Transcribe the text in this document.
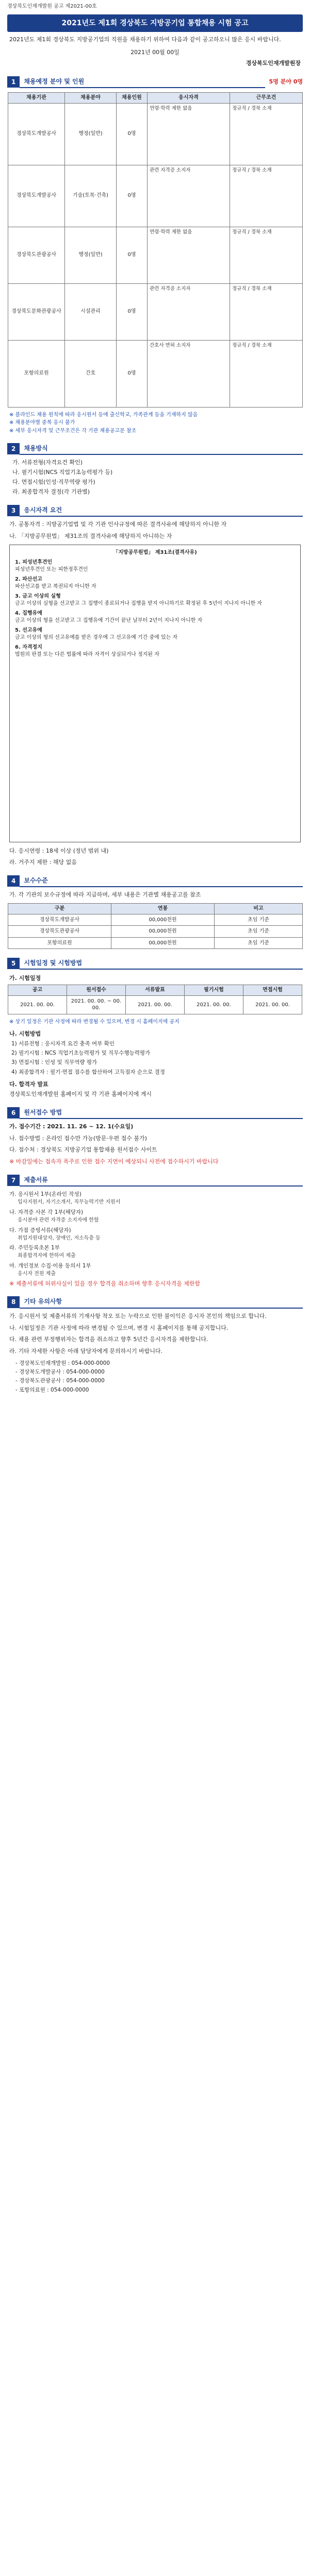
경상북도인재개발원 공고 제2021-00호
2021년도 제1회 경상북도 지방공기업 통합채용 시험 공고
2021년도 제1회 경상북도 지방공기업의 직원을 채용하기 위하여 다음과 같이 공고하오니 많은 응시 바랍니다.
2021년 00월 00일
경상북도인재개발원장
1	채용예정 분야 및 인원	5명 분야 0명
채용기관	채용분야	채용인원	응시자격	근무조건
경상북도개발공사	행정(일반)	0명	연령·학력 제한 없음	정규직 / 경북 소재
경상북도개발공사	기술(토목·건축)	0명	관련 자격증 소지자	정규직 / 경북 소재
경상북도관광공사	행정(일반)	0명	연령·학력 제한 없음	정규직 / 경북 소재
경상북도문화관광공사	시설관리	0명	관련 자격증 소지자	정규직 / 경북 소재
포항의료원	간호	0명	간호사 면허 소지자	정규직 / 경북 소재
※ 블라인드 채용 원칙에 따라 응시원서 등에 출신학교, 가족관계 등을 기재하지 않음
※ 채용분야별 중복 응시 불가
※ 세부 응시자격 및 근무조건은 각 기관 채용공고문 참조
2	채용방식
가. 서류전형(자격요건 확인)
나. 필기시험(NCS 직업기초능력평가 등)
다. 면접시험(인성·직무역량 평가)
라. 최종합격자 결정(각 기관별)
3	응시자격 요건
가. 공통자격 : 지방공기업법 및 각 기관 인사규정에 따른 결격사유에 해당하지 아니한 자
나. 「지방공무원법」 제31조의 결격사유에 해당하지 아니하는 자
「지방공무원법」 제31조(결격사유)
1. 피성년후견인
피성년후견인 또는 피한정후견인
2. 파산선고
파산선고를 받고 복권되지 아니한 자
3. 금고 이상의 실형
금고 이상의 실형을 선고받고 그 집행이 종료되거나 집행을 받지 아니하기로 확정된 후 5년이 지나지 아니한 자
4. 집행유예
금고 이상의 형을 선고받고 그 집행유예 기간이 끝난 날부터 2년이 지나지 아니한 자
5. 선고유예
금고 이상의 형의 선고유예를 받은 경우에 그 선고유예 기간 중에 있는 자
6. 자격정지
법원의 판결 또는 다른 법률에 따라 자격이 상실되거나 정지된 자
다. 응시연령 : 18세 이상 (정년 범위 내)
라. 거주지 제한 : 해당 없음
4	보수수준
가. 각 기관의 보수규정에 따라 지급하며, 세부 내용은 기관별 채용공고를 참조
구분	연봉	비고
경상북도개발공사	00,000천원	초임 기준
경상북도관광공사	00,000천원	초임 기준
포항의료원	00,000천원	초임 기준
5	시험일정 및 시험방법
가. 시험일정
공고	원서접수	서류발표	필기시험	면접시험
2021. 00. 00.	2021. 00. 00. ~ 00. 00.	2021. 00. 00.	2021. 00. 00.	2021. 00. 00.
※ 상기 일정은 기관 사정에 따라 변경될 수 있으며, 변경 시 홈페이지에 공지
나. 시험방법
1) 서류전형 : 응시자격 요건 충족 여부 확인
2) 필기시험 : NCS 직업기초능력평가 및 직무수행능력평가
3) 면접시험 : 인성 및 직무역량 평가
4) 최종합격자 : 필기·면접 점수를 합산하여 고득점자 순으로 결정
다. 합격자 발표
경상북도인재개발원 홈페이지 및 각 기관 홈페이지에 게시
6	원서접수 방법
가. 접수기간 : 2021. 11. 26 ~ 12. 1(수요일)
나. 접수방법 : 온라인 접수만 가능(방문·우편 접수 불가)
다. 접수처 : 경상북도 지방공기업 통합채용 원서접수 사이트
※ 마감일에는 접속자 폭주로 인한 접수 지연이 예상되니 사전에 접수하시기 바랍니다
7	제출서류
가. 응시원서 1부(온라인 작성)
입사지원서, 자기소개서, 직무능력기반 지원서
나. 자격증 사본 각 1부(해당자)
응시분야 관련 자격증 소지자에 한함
다. 가점 증빙서류(해당자)
취업지원대상자, 장애인, 저소득층 등
라. 주민등록초본 1부
최종합격자에 한하여 제출
마. 개인정보 수집·이용 동의서 1부
응시자 전원 제출
※ 제출서류에 허위사실이 있을 경우 합격을 취소하며 향후 응시자격을 제한함
8	기타 유의사항
가. 응시원서 및 제출서류의 기재사항 착오 또는 누락으로 인한 불이익은 응시자 본인의 책임으로 합니다.
나. 시험일정은 기관 사정에 따라 변경될 수 있으며, 변경 시 홈페이지를 통해 공지합니다.
다. 채용 관련 부정행위자는 합격을 취소하고 향후 5년간 응시자격을 제한합니다.
라. 기타 자세한 사항은 아래 담당자에게 문의하시기 바랍니다.
- 경상북도인재개발원 : 054-000-0000
- 경상북도개발공사 : 054-000-0000
- 경상북도관광공사 : 054-000-0000
- 포항의료원 : 054-000-0000
